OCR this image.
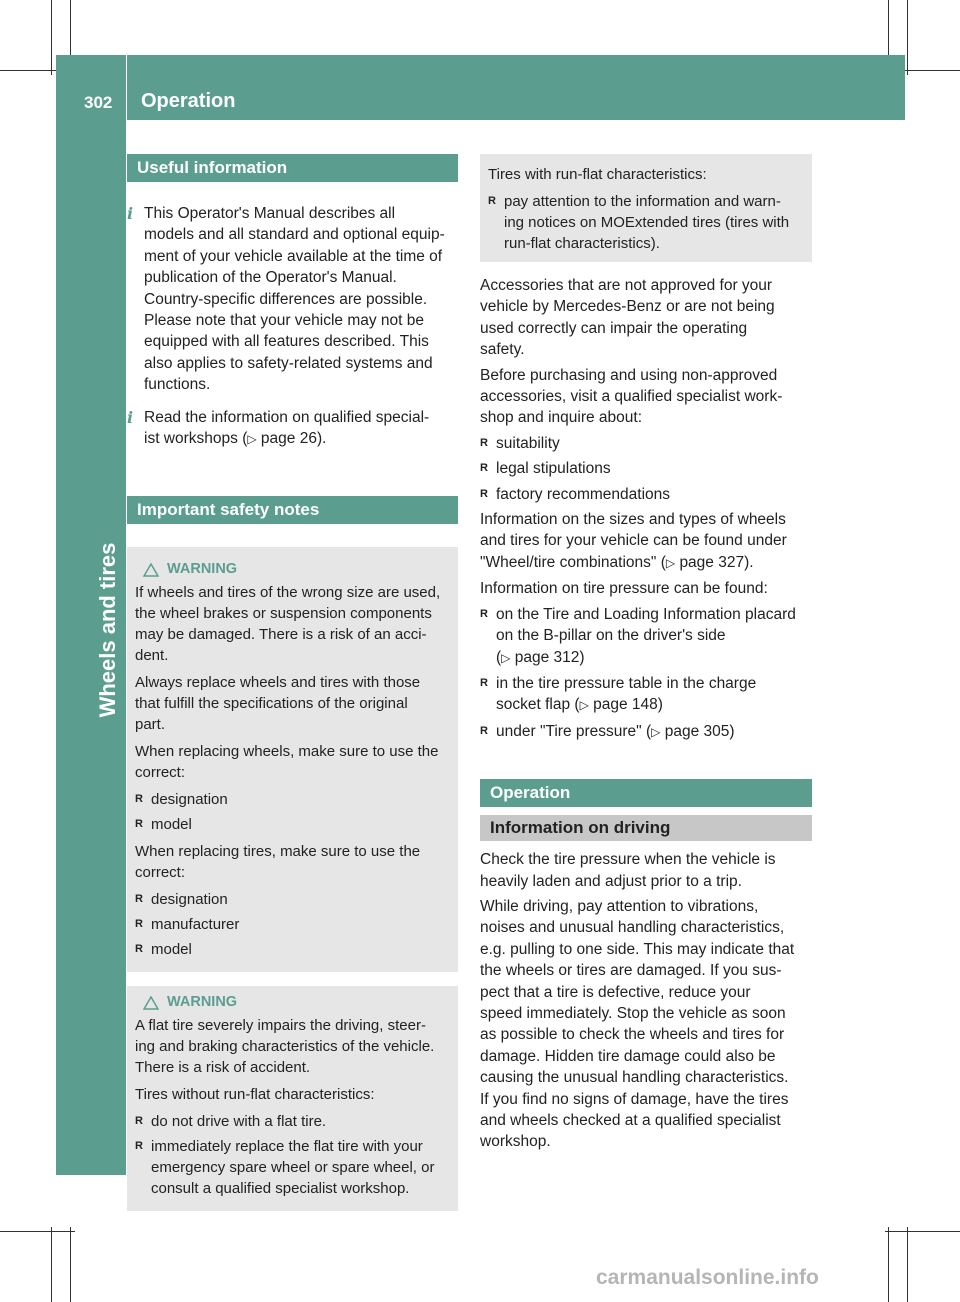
302 Operation
Wheels and tires
Useful information
i This Operator's Manual describes all
models and all standard and optional equip-
ment of your vehicle available at the time of
publication of the Operator's Manual.
Country-specific differences are possible.
Please note that your vehicle may not be
equipped with all features described. This
also applies to safety-related systems and
functions.
i Read the information on qualified special-
ist workshops (▷ page 26).
Important safety notes
WARNING

If wheels and tires of the wrong size are used,
the wheel brakes or suspension components
may be damaged. There is a risk of an acci-
dent.

Always replace wheels and tires with those
that fulfill the specifications of the original
part.

When replacing wheels, make sure to use the
correct:

R designation
R model

When replacing tires, make sure to use the
correct:

R designation
R manufacturer
R model
WARNING

A flat tire severely impairs the driving, steer-
ing and braking characteristics of the vehicle.
There is a risk of accident.

Tires without run-flat characteristics:

R do not drive with a flat tire.
R immediately replace the flat tire with your
emergency spare wheel or spare wheel, or
consult a qualified specialist workshop.

Tires with run-flat characteristics:

R pay attention to the information and warn-
ing notices on MOExtended tires (tires with
run-flat characteristics).

Accessories that are not approved for your
vehicle by Mercedes-Benz or are not being
used correctly can impair the operating
safety.

Before purchasing and using non-approved
accessories, visit a qualified specialist work-
shop and inquire about:

R suitability
R legal stipulations
R factory recommendations

Information on the sizes and types of wheels
and tires for your vehicle can be found under
"Wheel/tire combinations" (▷ page 327).

Information on tire pressure can be found:

R on the Tire and Loading Information placard
on the B-pillar on the driver's side
(▷ page 312)
R in the tire pressure table in the charge
socket flap (▷ page 148)
R under "Tire pressure" (▷ page 305)
Operation
Information on driving

Check the tire pressure when the vehicle is
heavily laden and adjust prior to a trip.

While driving, pay attention to vibrations,
noises and unusual handling characteristics,
e.g. pulling to one side. This may indicate that
the wheels or tires are damaged. If you sus-
pect that a tire is defective, reduce your
speed immediately. Stop the vehicle as soon
as possible to check the wheels and tires for
damage. Hidden tire damage could also be
causing the unusual handling characteristics.
If you find no signs of damage, have the tires
and wheels checked at a qualified specialist
workshop.

carmanualsonline.info
